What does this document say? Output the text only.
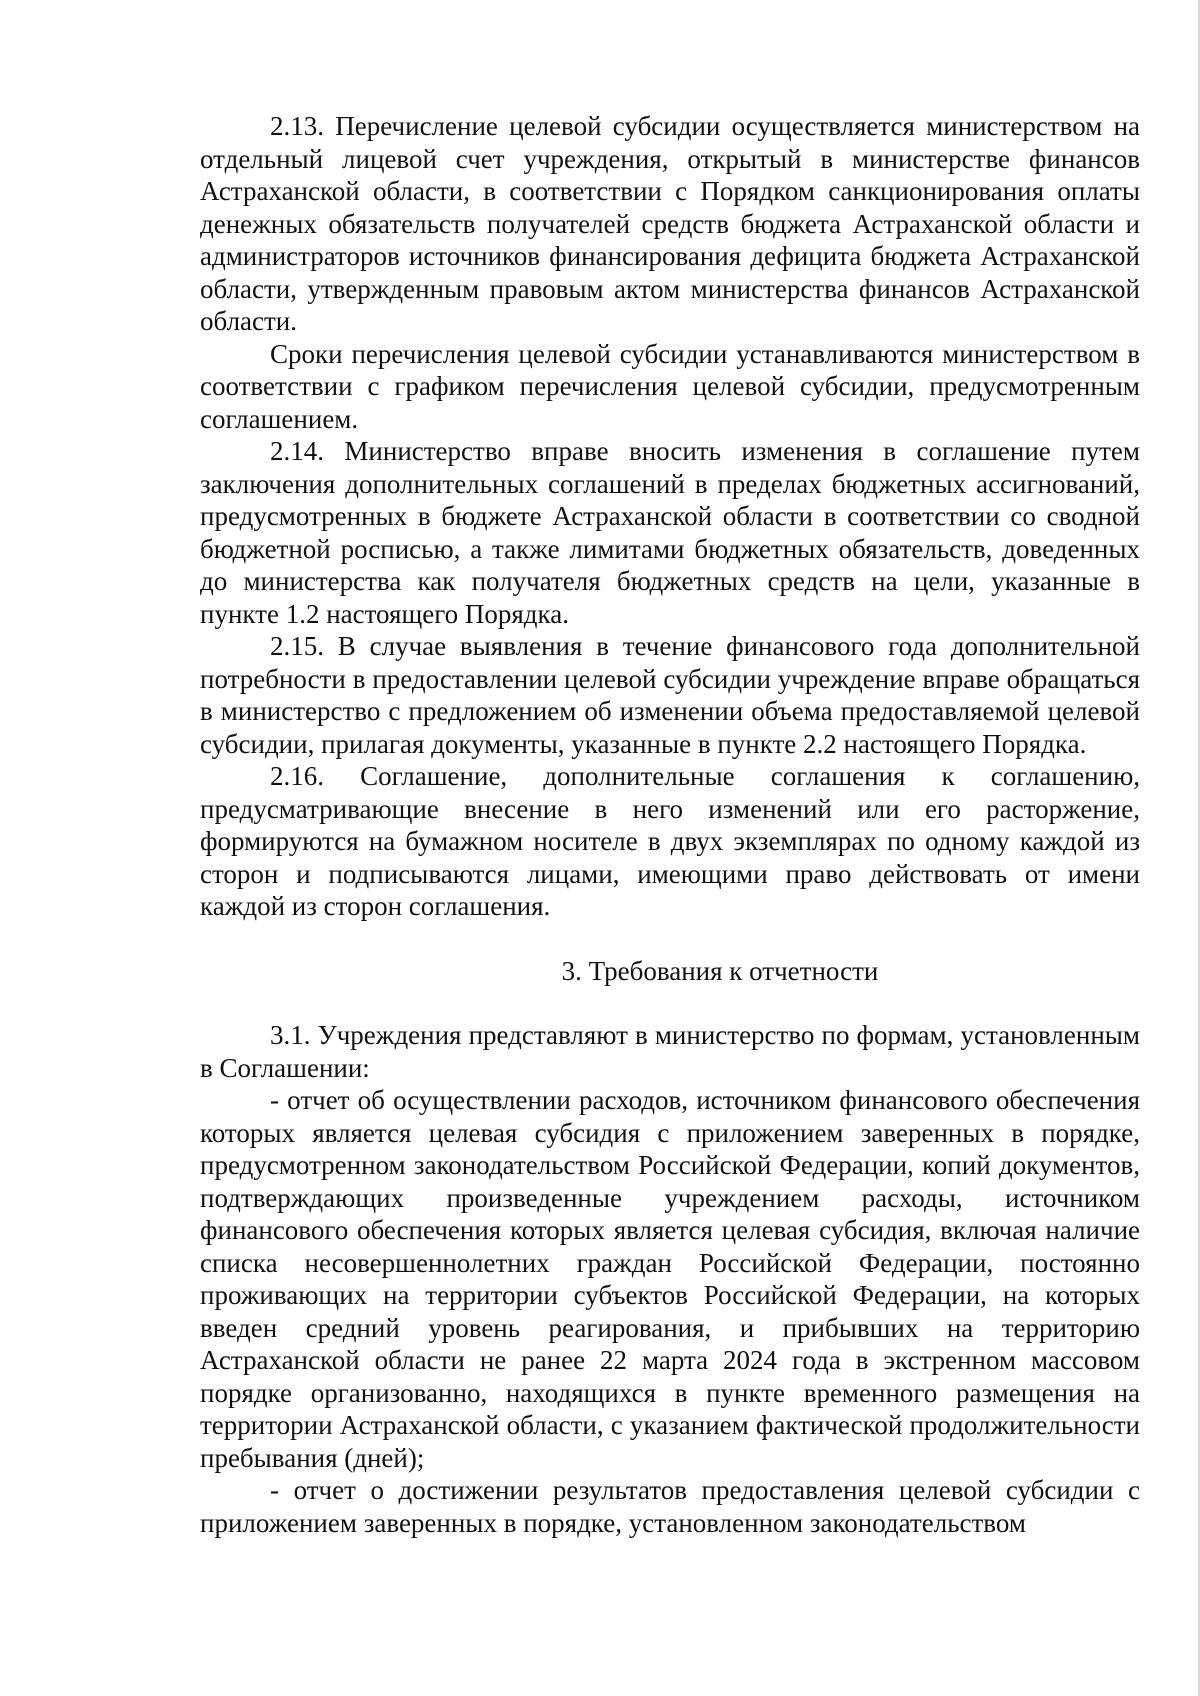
2.13. Перечисление целевой субсидии осуществляется министерством на отдельный лицевой счет учреждения, открытый в министерстве финансов Астраханской области, в соответствии с Порядком санкционирования оплаты денежных обязательств получателей средств бюджета Астраханской области и администраторов источников финансирования дефицита бюджета Астраханской области, утвержденным правовым актом министерства финансов Астраханской области.

Сроки перечисления целевой субсидии устанавливаются министерством в соответствии с графиком перечисления целевой субсидии, предусмотренным соглашением.

2.14. Министерство вправе вносить изменения в соглашение путем заключения дополнительных соглашений в пределах бюджетных ассигнований, предусмотренных в бюджете Астраханской области в соответствии со сводной бюджетной росписью, а также лимитами бюджетных обязательств, доведенных до министерства как получателя бюджетных средств на цели, указанные в пункте 1.2 настоящего Порядка.

2.15. В случае выявления в течение финансового года дополнительной потребности в предоставлении целевой субсидии учреждение вправе обращаться в министерство с предложением об изменении объема предоставляемой целевой субсидии, прилагая документы, указанные в пункте 2.2 настоящего Порядка.

2.16. Соглашение, дополнительные соглашения к соглашению, предусматривающие внесение в него изменений или его расторжение, формируются на бумажном носителе в двух экземплярах по одному каждой из сторон и подписываются лицами, имеющими право действовать от имени каждой из сторон соглашения.

3. Требования к отчетности

3.1. Учреждения представляют в министерство по формам, установленным в Соглашении:

- отчет об осуществлении расходов, источником финансового обеспечения которых является целевая субсидия с приложением заверенных в порядке, предусмотренном законодательством Российской Федерации, копий документов, подтверждающих произведенные учреждением расходы, источником финансового обеспечения которых является целевая субсидия, включая наличие списка несовершеннолетних граждан Российской Федерации, постоянно проживающих на территории субъектов Российской Федерации, на которых введен средний уровень реагирования, и прибывших на территорию Астраханской области не ранее 22 марта 2024 года в экстренном массовом порядке организованно, находящихся в пункте временного размещения на территории Астраханской области, с указанием фактической продолжительности пребывания (дней);

- отчет о достижении результатов предоставления целевой субсидии с приложением заверенных в порядке, установленном законодательством
